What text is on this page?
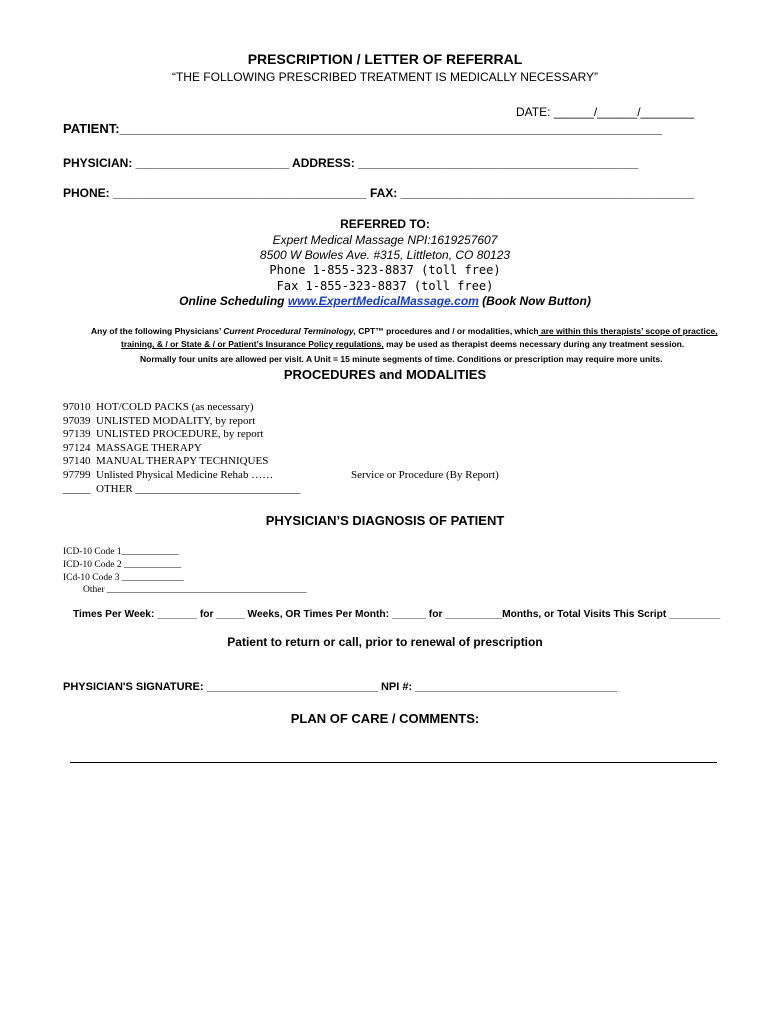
PRESCRIPTION / LETTER OF REFERRAL
“THE FOLLOWING PRESCRIBED TREATMENT IS MEDICALLY NECESSARY”
DATE: ______/______/________
PATIENT:___________________________________________________________________________
PHYSICIAN: _______________________ ADDRESS: __________________________________________
PHONE: ______________________________________ FAX: ____________________________________________
REFERRED TO:
Expert Medical Massage NPI:1619257607
8500 W Bowles Ave. #315, Littleton, CO 80123
Phone 1-855-323-8837 (toll free)
Fax 1-855-323-8837 (toll free)
Online Scheduling www.ExpertMedicalMassage.com (Book Now Button)
Any of the following Physicians’ Current Procedural Terminology, CPT™ procedures and / or modalities, which are within this therapists’ scope of practice,
training, & / or State & / or Patient’s Insurance Policy regulations, may be used as therapist deems necessary during any treatment session.
Normally four units are allowed per visit. A Unit = 15 minute segments of time. Conditions or prescription may require more units.
PROCEDURES and MODALITIES
97010 HOT/COLD PACKS (as necessary)
97039 UNLISTED MODALITY, by report
97139 UNLISTED PROCEDURE, by report
97124 MASSAGE THERAPY
97140 MANUAL THERAPY TECHNIQUES
97799 Unlisted Physical Medicine Rehab ……
_____ OTHER ______________________________
Service or Procedure (By Report)
PHYSICIAN’S DIAGNOSIS OF PATIENT
ICD-10 Code 1____________
ICD-10 Code 2 ____________
ICd-10 Code 3 _____________
Other __________________________________________
Times Per Week: _______ for _____ Weeks, OR Times Per Month: ______ for __________Months, or Total Visits This Script _________
Patient to return or call, prior to renewal of prescription
PHYSICIAN'S SIGNATURE: ____________________________ NPI #: _________________________________
PLAN OF CARE / COMMENTS:
